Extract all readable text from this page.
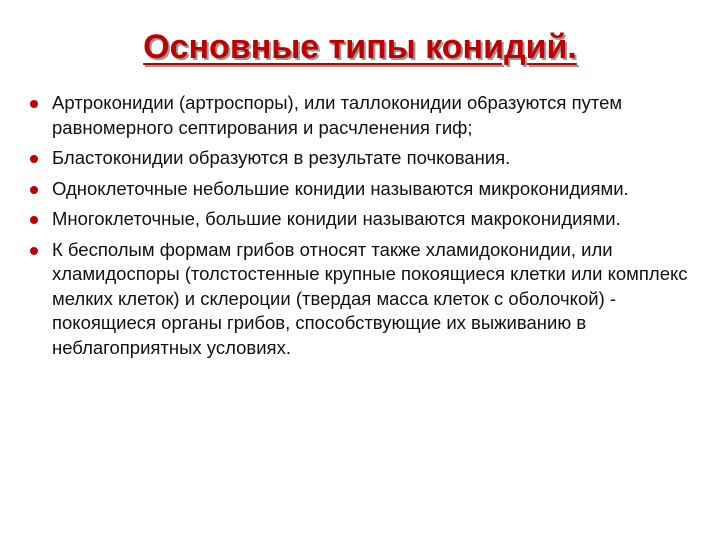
Основные типы конидий.
Артроконидии (артроспоры), или таллоконидии о6разуются путем равномерного септирования и расчленения гиф;
Бластоконидии образуются в результате почкования.
Одноклеточные небольшие конидии называются микроконидиями.
Многоклеточные, большие конидии называются макроконидиями.
К бесполым формам грибов относят также хламидоконидии, или хламидоспоры (толстостенные крупные покоящиеся клетки или комплекс мелких клеток) и склероции (твердая масса клеток с оболочкой) - покоящиеся органы грибов, способствующие их выживанию в неблагоприятных условиях.
